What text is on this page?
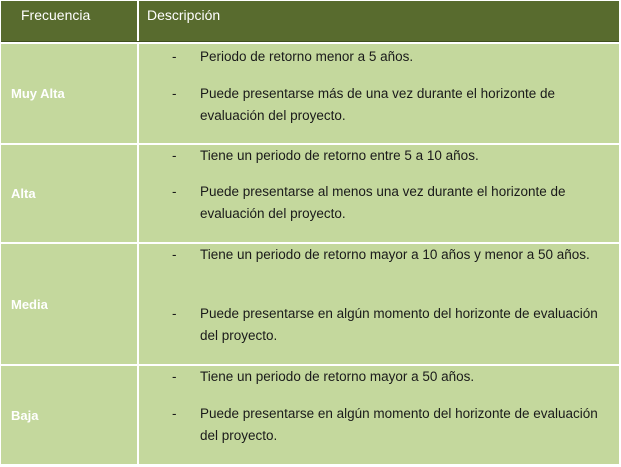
Frecuencia	Descripción
Muy Alta
- Periodo de retorno menor a 5 años.
- Puede presentarse más de una vez durante el horizonte de evaluación del proyecto.
Alta
- Tiene un periodo de retorno entre 5 a 10 años.
- Puede presentarse al menos una vez durante el horizonte de evaluación del proyecto.
Media
- Tiene un periodo de retorno mayor a 10 años y menor a 50 años.
- Puede presentarse en algún momento del horizonte de evaluación del proyecto.
Baja
- Tiene un periodo de retorno mayor a 50 años.
- Puede presentarse en algún momento del horizonte de evaluación del proyecto.
